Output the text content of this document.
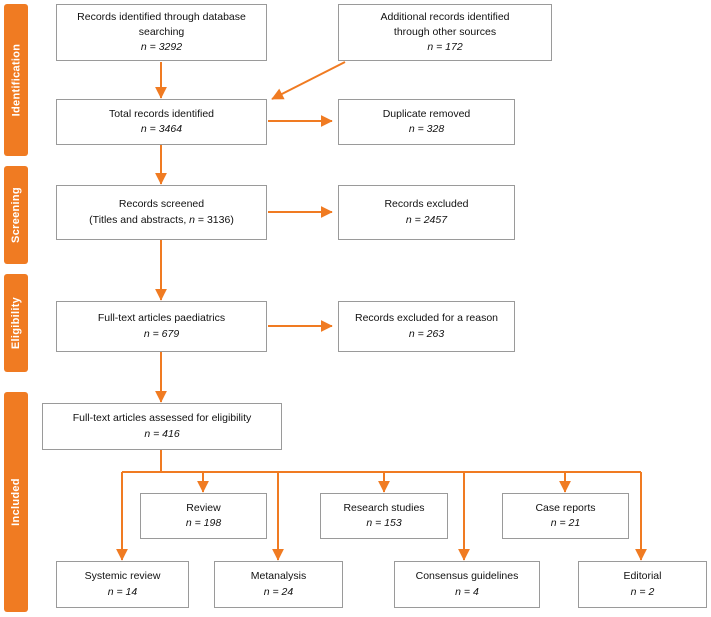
Identification
Screening
Eligibility
Included
Records identified through database
searching
n = 3292
Additional records identified
through other sources
n = 172
Total records identified
n = 3464
Duplicate removed
n = 328
Records screened
(Titles and abstracts, n = 3136)
Records excluded
n = 2457
Full-text articles paediatrics
n = 679
Records excluded for a reason
n = 263
Full-text articles assessed for eligibility
n = 416
Review
n = 198
Research studies
n = 153
Case reports
n = 21
Systemic review
n = 14
Metanalysis
n = 24
Consensus guidelines
n = 4
Editorial
n = 2
